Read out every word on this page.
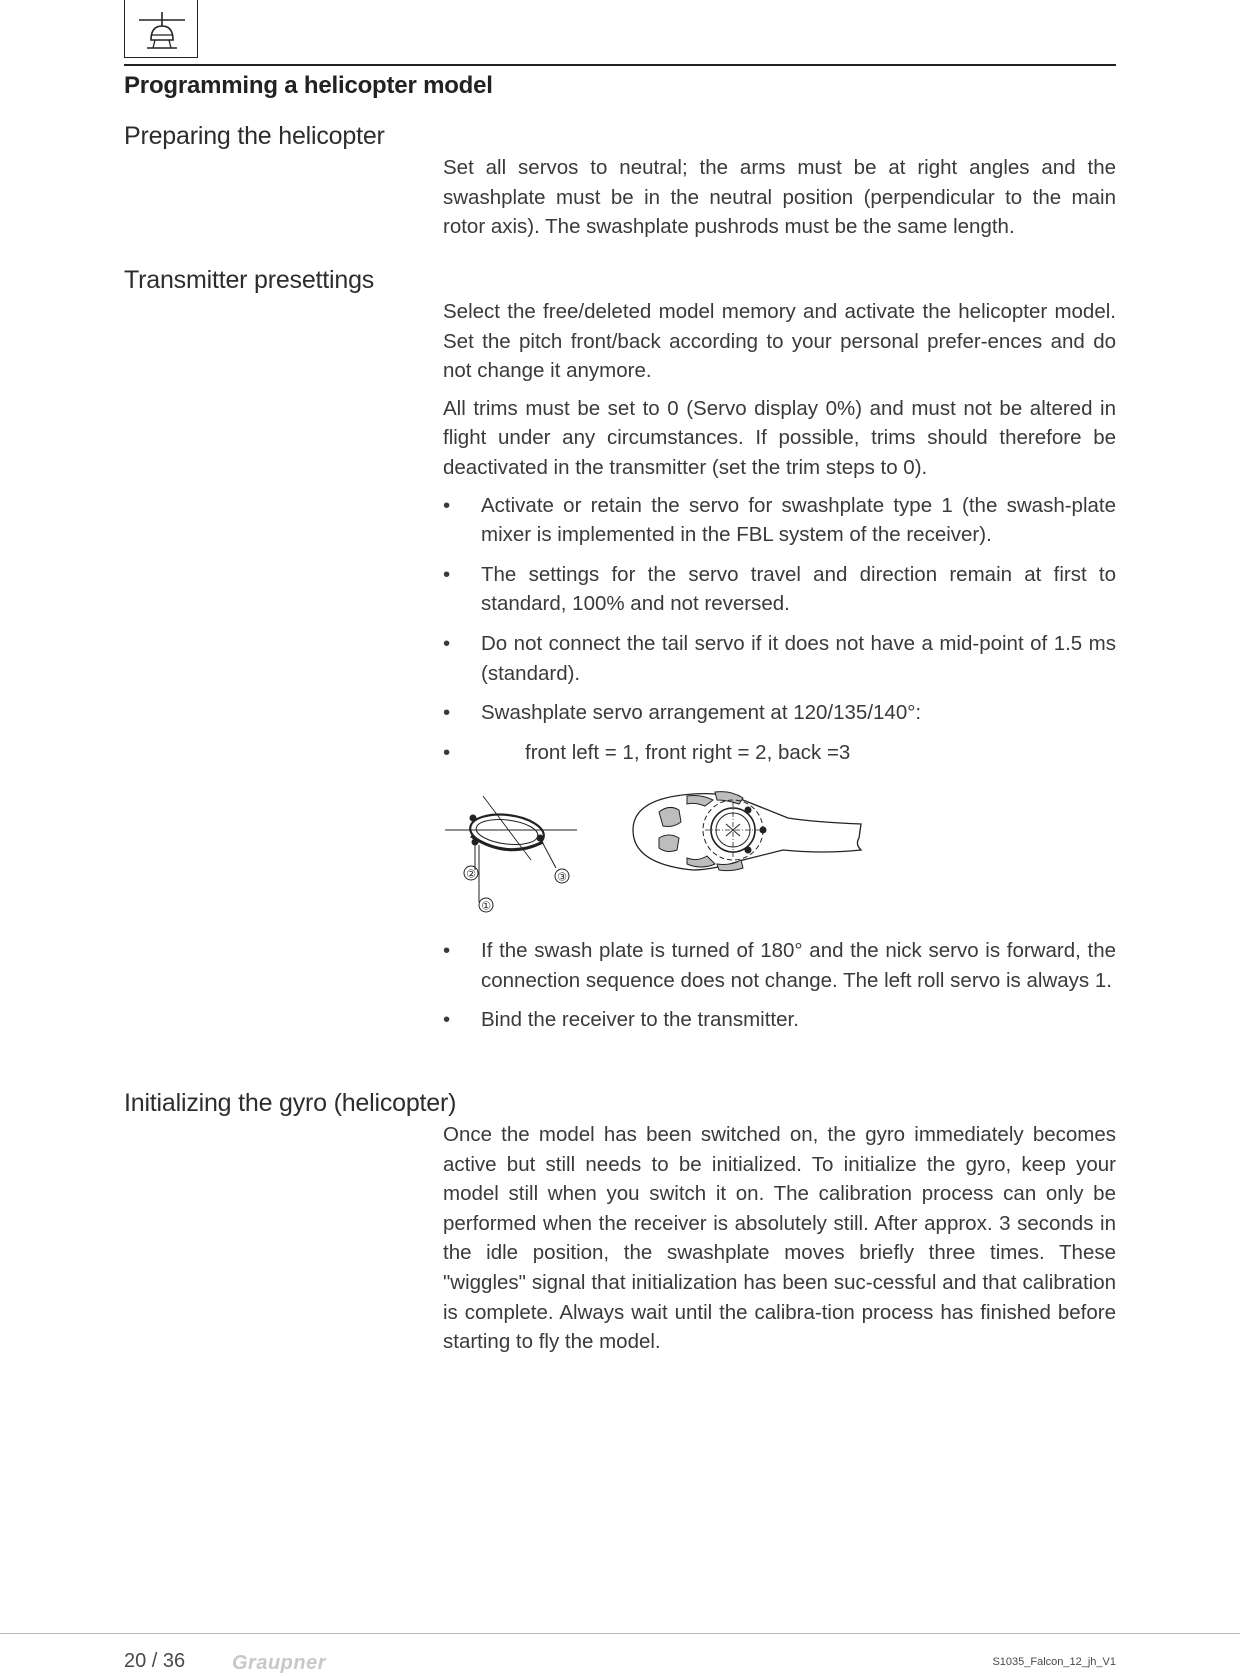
Programming a helicopter model
Preparing the helicopter

Set all servos to neutral; the arms must be at right angles and the swashplate must be in the neutral position (perpendicular to the main rotor axis). The swashplate pushrods must be the same length.

Transmitter presettings

Select the free/deleted model memory and activate the helicopter model. Set the pitch front/back according to your personal prefer-ences and do not change it anymore.

All trims must be set to 0 (Servo display 0%) and must not be altered in flight under any circumstances. If possible, trims should therefore be deactivated in the transmitter (set the trim steps to 0).

• Activate or retain the servo for swashplate type 1 (the swash-plate mixer is implemented in the FBL system of the receiver).
• The settings for the servo travel and direction remain at first to standard, 100% and not reversed.
• Do not connect the tail servo if it does not have a mid-point of 1.5 ms (standard).
• Swashplate servo arrangement at 120/135/140°:
• front left = 1, front right = 2, back =3
②	③
①
• If the swash plate is turned of 180° and the nick servo is forward, the connection sequence does not change. The left roll servo is always 1.
• Bind the receiver to the transmitter.
Initializing the gyro (helicopter)

Once the model has been switched on, the gyro immediately becomes active but still needs to be initialized. To initialize the gyro, keep your model still when you switch it on. The calibration process can only be performed when the receiver is absolutely still. After approx. 3 seconds in the idle position, the swashplate moves briefly three times. These "wiggles" signal that initialization has been suc-cessful and that calibration is complete. Always wait until the calibra-tion process has finished before starting to fly the model.

20 / 36 Graupner	S1035_Falcon_12_jh_V1
